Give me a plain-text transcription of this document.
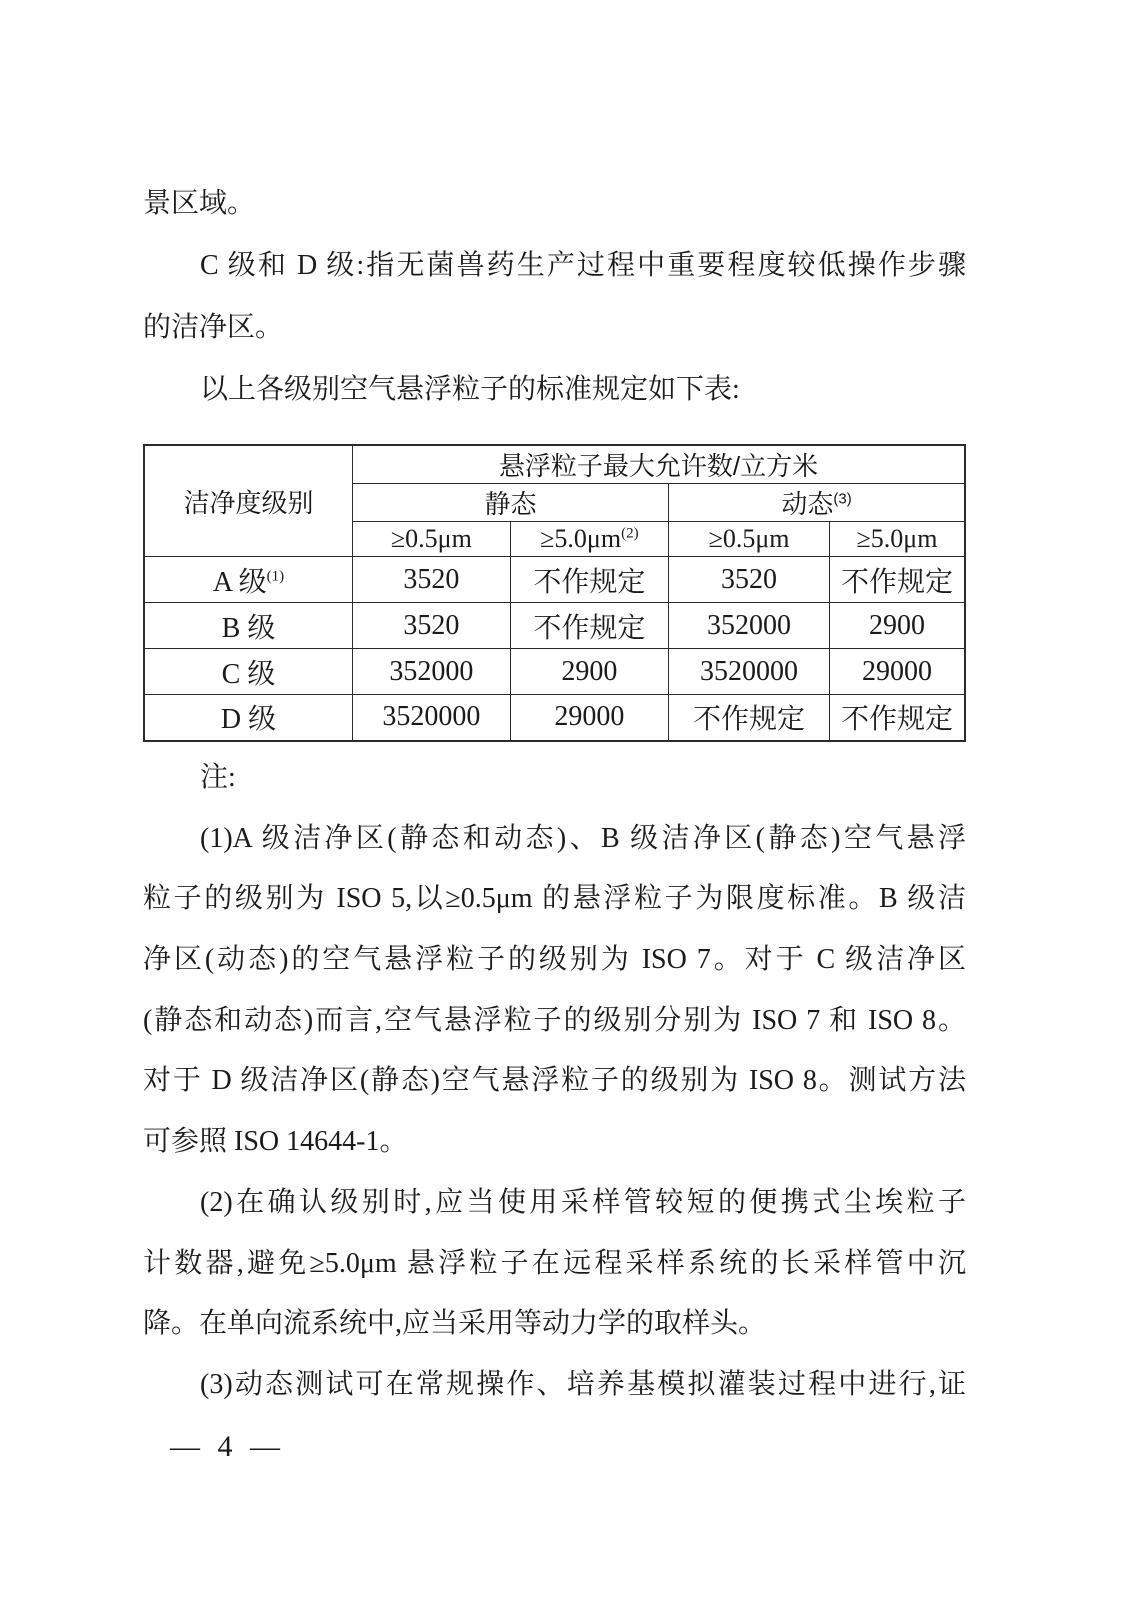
景区域。
C 级和 D 级:指无菌兽药生产过程中重要程度较低操作步骤
的洁净区。
以上各级别空气悬浮粒子的标准规定如下表:
洁净度级别	悬浮粒子最大允许数/立方米			
	静态		动态$^{(3)}$
	≥0.5μm	≥5.0μm$^{(2)}$	≥0.5μm	≥5.0μm
A 级$^{(1)}$	3520	不作规定	3520	不作规定
B 级	3520	不作规定	352000	2900
C 级	352000	2900	3520000	29000
D 级	3520000	29000	不作规定	不作规定
注:
(1)A 级洁净区(静态和动态)、B 级洁净区(静态)空气悬浮
粒子的级别为 ISO 5,以≥0.5μm 的悬浮粒子为限度标准。B 级洁
净区(动态)的空气悬浮粒子的级别为 ISO 7。对于 C 级洁净区
(静态和动态)而言,空气悬浮粒子的级别分别为 ISO 7 和 ISO 8。
对于 D 级洁净区(静态)空气悬浮粒子的级别为 ISO 8。测试方法
可参照 ISO 14644-1。
(2)在确认级别时,应当使用采样管较短的便携式尘埃粒子
计数器,避免≥5.0μm 悬浮粒子在远程采样系统的长采样管中沉
降。在单向流系统中,应当采用等动力学的取样头。
(3)动态测试可在常规操作、培养基模拟灌装过程中进行,证
— 4 —
